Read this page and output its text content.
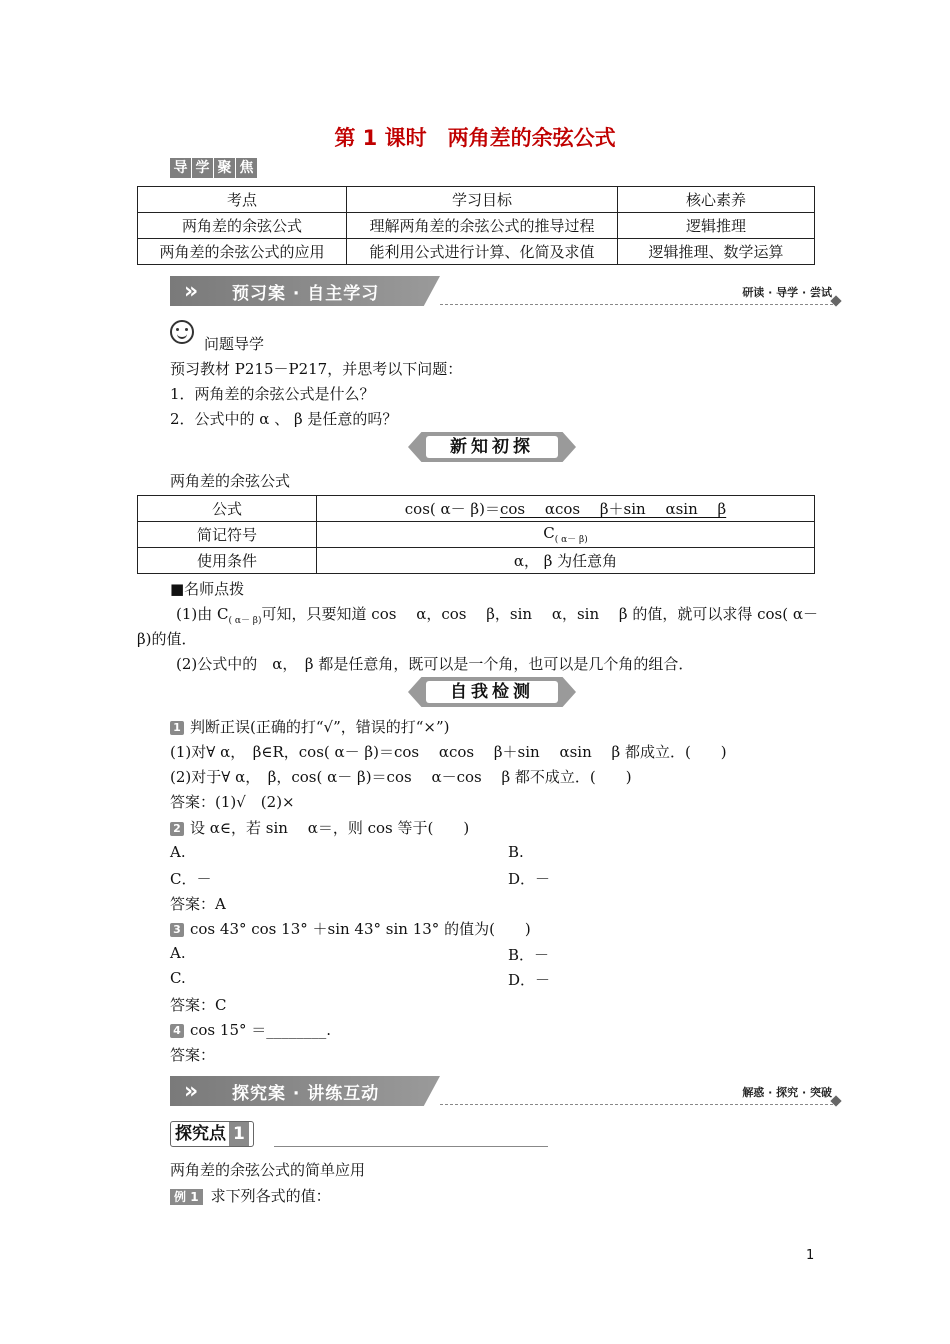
第 1 课时　两角差的余弦公式
导 学 聚 焦
考点	学习目标	核心素养
两角差的余弦公式	理解两角差的余弦公式的推导过程	逻辑推理
两角差的余弦公式的应用	能利用公式进行计算、化简及求值	逻辑推理、数学运算
» 预习案 · 自主学习	研读 · 导学 · 尝试
问题导学
预习教材 P215－P217，并思考以下问题：
1．两角差的余弦公式是什么？
2．公式中的 α 、 β 是任意的吗？
新知初探
两角差的余弦公式
公式	cos( α－ β)＝cos　 αcos　 β＋sin　 αsin　 β
简记符号	$C_{( \alpha- \beta)}$
使用条件	α， β 为任意角
■名师点拨
(1)由 $C_{( \alpha- \beta)}$可知，只要知道 cos　 α，cos　 β，sin　 α，sin　 β 的值，就可以求得 cos( α－
β)的值．
(2)公式中的　α，　β 都是任意角，既可以是一个角，也可以是几个角的组合．
自我检测
1 判断正误(正确的打“√”，错误的打“×”)
(1)对∀ α，　β∈R，cos( α－ β)＝cos　 αcos　 β＋sin　 αsin　 β 都成立．(　　)
(2)对于∀ α，　β，cos( α－ β)＝cos　 α－cos　 β 都不成立．(　　)
答案：(1)√　(2)×
2 设 α∈，若 sin　 α＝，则 cos 等于(　　)
A.	B.
C．－	D．－
答案：A
3 cos 43° cos 13° ＋sin 43° sin 13° 的值为(　　)
A.	B．－
C.	D．－
答案：C
4 cos 15° ＝________.
答案：
» 探究案 · 讲练互动	解惑 · 探究 · 突破
探究点 1
两角差的余弦公式的简单应用
例 1 求下列各式的值：
1
